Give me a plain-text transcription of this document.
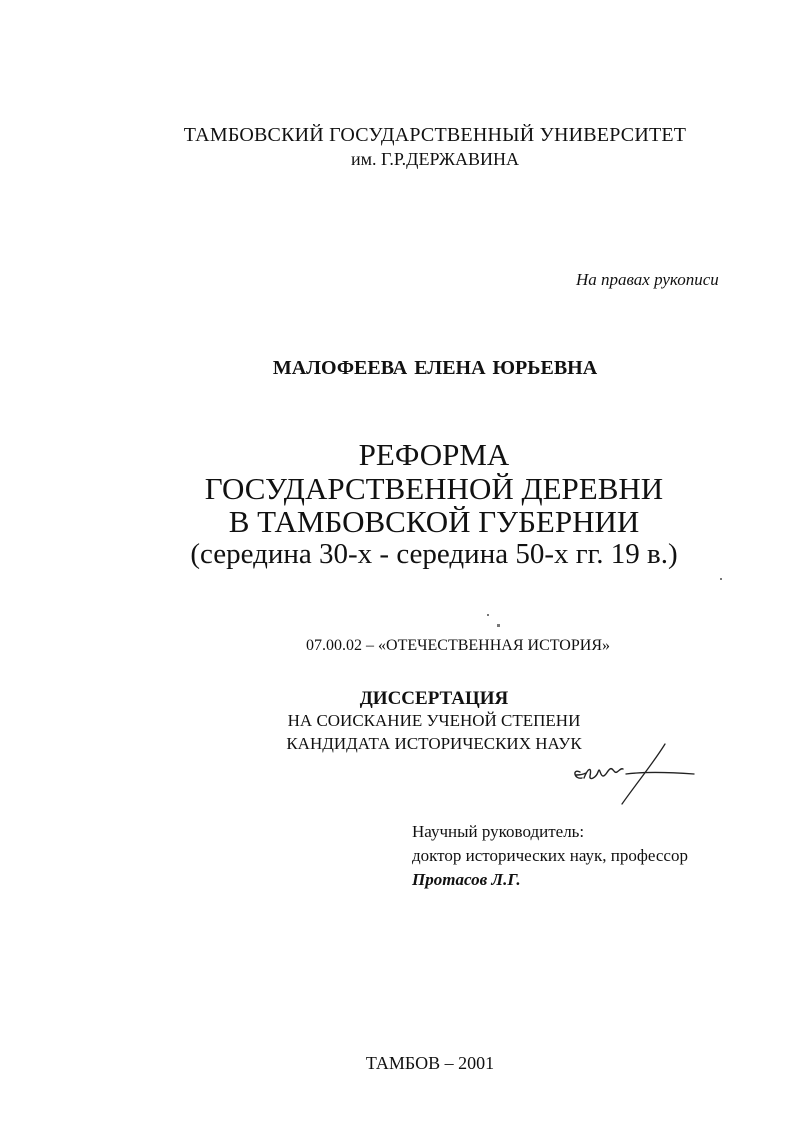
ТАМБОВСКИЙ ГОСУДАРСТВЕННЫЙ УНИВЕРСИТЕТ
им. Г.Р.ДЕРЖАВИНА
На правах рукописи
МАЛОФЕЕВА ЕЛЕНА ЮРЬЕВНА
РЕФОРМА
ГОСУДАРСТВЕННОЙ ДЕРЕВНИ
В ТАМБОВСКОЙ ГУБЕРНИИ
(середина 30-х - середина 50-х гг. 19 в.)
07.00.02 – «ОТЕЧЕСТВЕННАЯ ИСТОРИЯ»
ДИССЕРТАЦИЯ
НА СОИСКАНИЕ УЧЕНОЙ СТЕПЕНИ
КАНДИДАТА ИСТОРИЧЕСКИХ НАУК
Научный руководитель:
доктор исторических наук, профессор
Протасов Л.Г.
ТАМБОВ – 2001
